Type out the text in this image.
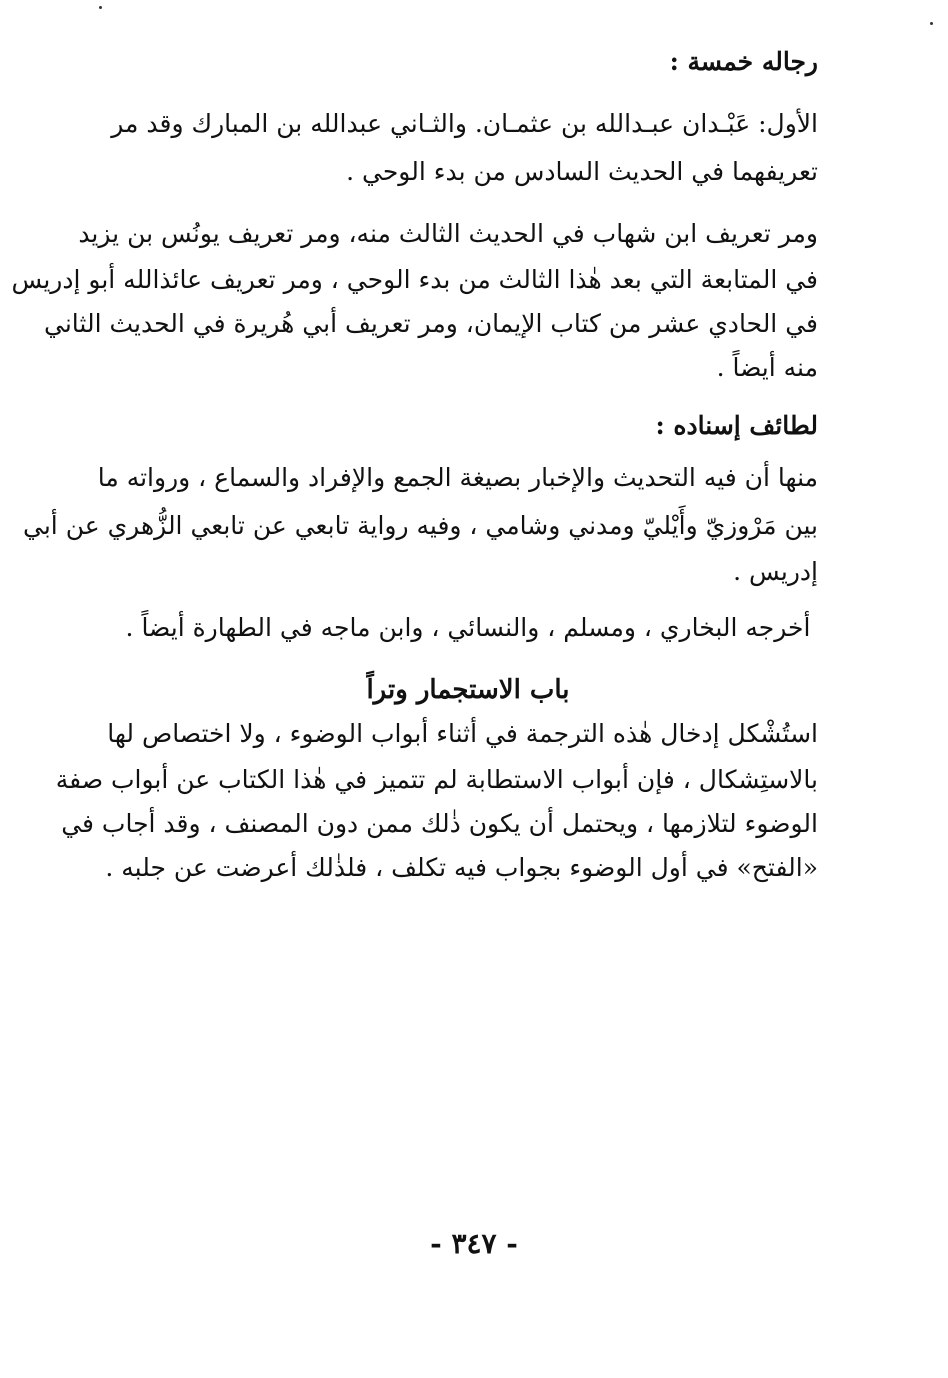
رجاله خمسة :
الأول: عَبْـدان عبـدالله بن عثمـان. والثـاني عبدالله بن المبارك وقد مر
تعريفهما في الحديث السادس من بدء الوحي .
ومر تعريف ابن شهاب في الحديث الثالث منه، ومر تعريف يونُس بن يزيد
في المتابعة التي بعد هٰذا الثالث من بدء الوحي ، ومر تعريف عائذالله أبو إدريس
في الحادي عشر من كتاب الإيمان، ومر تعريف أبي هُريرة في الحديث الثاني
منه أيضاً .
لطائف إسناده :
منها أن فيه التحديث والإخبار بصيغة الجمع والإفراد والسماع ، ورواته ما
بين مَرْوزيّ وأَيْليّ ومدني وشامي ، وفيه رواية تابعي عن تابعي الزُّهري عن أبي
إدريس .
أخرجه البخاري ، ومسلم ، والنسائي ، وابن ماجه في الطهارة أيضاً .
باب الاستجمار وتراً
استُشْكل إدخال هٰذه الترجمة في أثناء أبواب الوضوء ، ولا اختصاص لها
بالاستِشكال ، فإن أبواب الاستطابة لم تتميز في هٰذا الكتاب عن أبواب صفة
الوضوء لتلازمها ، ويحتمل أن يكون ذٰلك ممن دون المصنف ، وقد أجاب في
«الفتح» في أول الوضوء بجواب فيه تكلف ، فلذٰلك أعرضت عن جلبه .
- ٣٤٧ -
